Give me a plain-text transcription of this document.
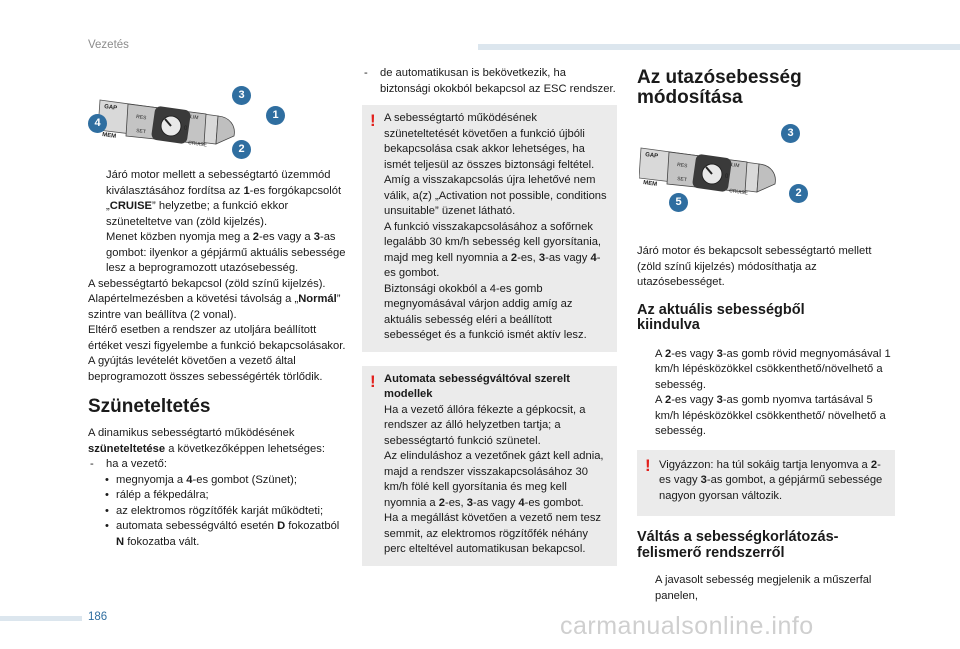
Vezetés
GAP
MEM
RES
SET
CRUISE
LIM
0
3
4
1
2
Járó motor mellett a sebességtartó üzemmód kiválasztásához fordítsa az 1-es forgókapcsolót „CRUISE” helyzetbe; a funkció ekkor szüneteltetve van (zöld kijelzés).
Menet közben nyomja meg a 2-es vagy a 3-as gombot: ilyenkor a gépjármű aktuális sebessége lesz a beprogramozott utazósebesség.

A sebességtartó bekapcsol (zöld színű kijelzés).

Alapértelmezésben a követési távolság a „Normál” szintre van beállítva (2 vonal).

Eltérő esetben a rendszer az utoljára beállított értéket veszi figyelembe a funkció bekapcsolásakor.

A gyújtás levételét követően a vezető által beprogramozott összes sebességérték törlődik.

Szüneteltetés

A dinamikus sebességtartó működésének szüneteltetése a következőképpen lehetséges:

- ha a vezető:
• megnyomja a 4-es gombot (Szünet);
• rálép a fékpedálra;
• az elektromos rögzítőfék karját működteti;
• automata sebességváltó esetén D fokozatból N fokozatba vált.
- de automatikusan is bekövetkezik, ha biztonsági okokból bekapcsol az ESC rendszer.
! A sebességtartó működésének szüneteltetését követően a funkció újbóli bekapcsolása csak akkor lehetséges, ha ismét teljesül az összes biztonsági feltétel.

Amíg a visszakapcsolás újra lehetővé nem válik, a(z) „Activation not possible, conditions unsuitable” üzenet látható.

A funkció visszakapcsolásához a sofőrnek legalább 30 km/h sebesség kell gyorsítania, majd meg kell nyomnia a 2-es, 3-as vagy 4-es gombot.

Biztonsági okokból a 4-es gomb megnyomásával várjon addig amíg az aktuális sebesség eléri a beállított sebességet és a funkció ismét aktív lesz.

! Automata sebességváltóval szerelt modellek

Ha a vezető állóra fékezte a gépkocsit, a rendszer az álló helyzetben tartja; a sebességtartó funkció szünetel.

Az elinduláshoz a vezetőnek gázt kell adnia, majd a rendszer visszakapcsolásához 30 km/h fölé kell gyorsítania és meg kell nyomnia a 2-es, 3-as vagy 4-es gombot.

Ha a megállást követően a vezető nem tesz semmit, az elektromos rögzítőfék néhány perc elteltével automatikusan bekapcsol.

Az utazósebesség módosítása
GAP
MEM
RES
SET
CRUISE
LIM
0
3
2
5

Járó motor és bekapcsolt sebességtartó mellett (zöld színű kijelzés) módosíthatja az utazósebességet.

Az aktuális sebességből kiindulva
A 2-es vagy 3-as gomb rövid megnyomásával 1 km/h lépésközökkel csökkenthető/növelhető a sebesség.
A 2-es vagy 3-as gomb nyomva tartásával 5 km/h lépésközökkel csökkenthető/ növelhető a sebesség.
! Vigyázzon: ha túl sokáig tartja lenyomva a 2-es vagy 3-as gombot, a gépjármű sebessége nagyon gyorsan változik.

Váltás a sebességkorlátozás-felismerő rendszerről
A javasolt sebesség megjelenik a műszerfal panelen,
186	carmanualsonline.info
